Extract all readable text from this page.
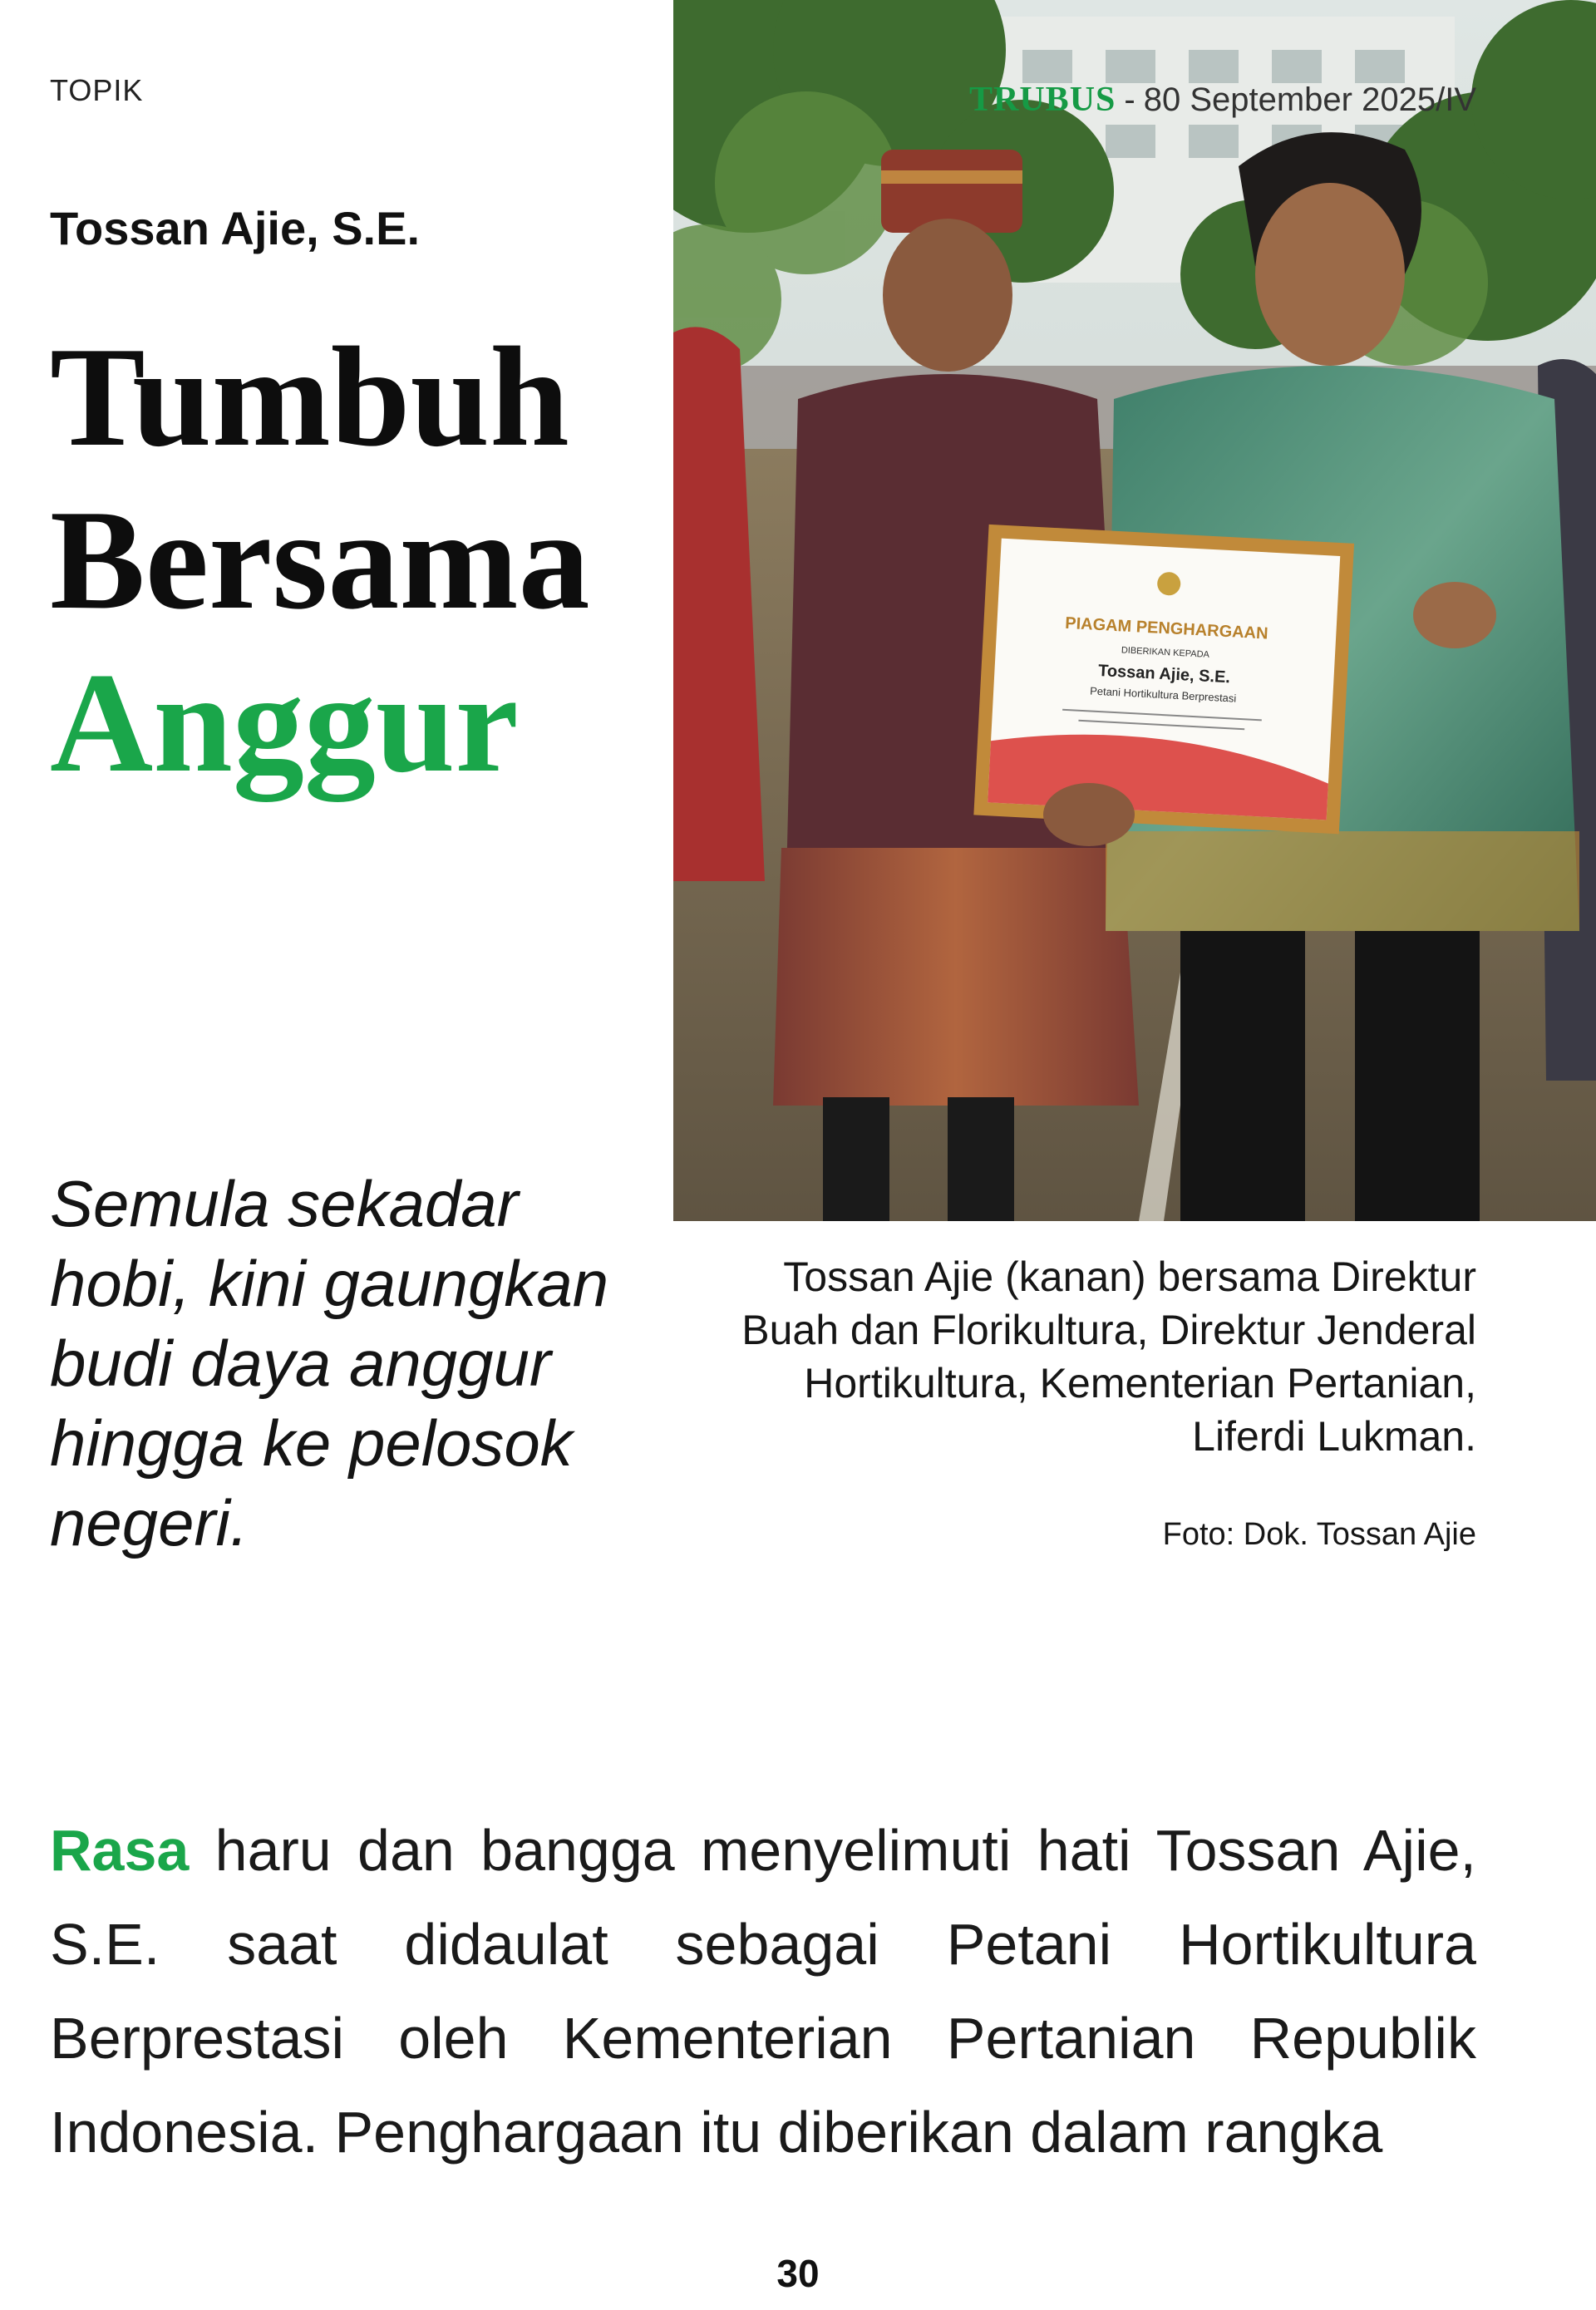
TOPIK

Tossan Ajie, S.E.

Tumbuh
Bersama
Anggur

Semula sekadar hobi, kini gaungkan budi daya anggur hingga ke pelosok negeri.

PIAGAM PENGHARGAAN
DIBERIKAN KEPADA
Tossan Ajie, S.E.
Petani Hortikultura Berprestasi
TRUBUS - 80 September 2025/IV

Tossan Ajie (kanan) bersama Direktur Buah dan Florikultura, Direktur Jenderal Hortikultura, Kementerian Pertanian, Liferdi Lukman.

Foto: Dok. Tossan Ajie

Rasa haru dan bangga menyelimuti hati Tossan Ajie, S.E. saat didaulat sebagai Petani Hortikultura Berprestasi oleh Kementerian Pertanian Republik Indonesia. Penghargaan itu diberikan dalam rangka

30
